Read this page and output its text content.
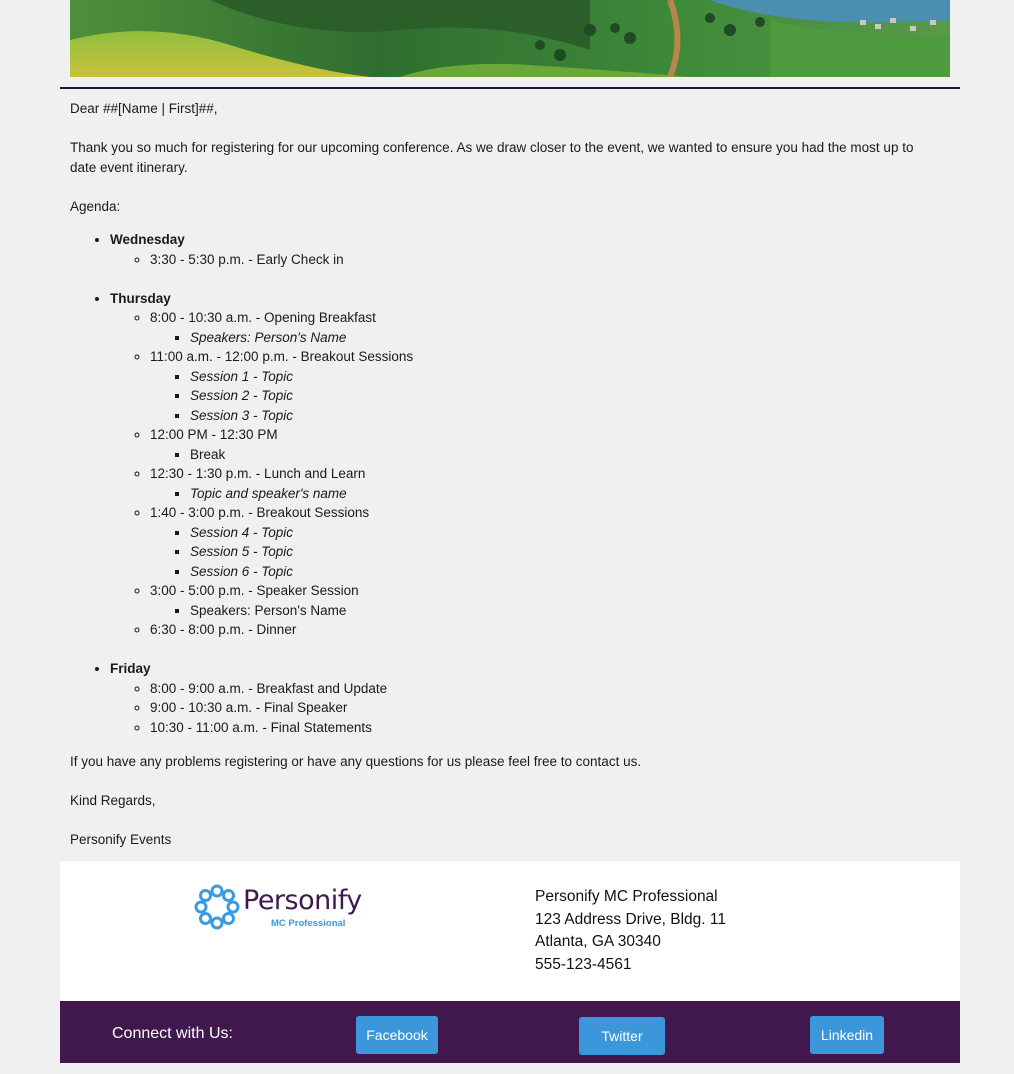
Dear ##[Name | First]##,

Thank you so much for registering for our upcoming conference. As we draw closer to the event, we wanted to ensure you had the most up to date event itinerary.

Agenda:

• Wednesday
◦ 3:30 - 5:30 p.m. - Early Check in
• Thursday
◦ 8:00 - 10:30 a.m. - Opening Breakfast
▪ Speakers: Person's Name
◦ 11:00 a.m. - 12:00 p.m. - Breakout Sessions
▪ Session 1 - Topic
▪ Session 2 - Topic
▪ Session 3 - Topic
◦ 12:00 PM - 12:30 PM
▪ Break
◦ 12:30 - 1:30 p.m. - Lunch and Learn
▪ Topic and speaker's name
◦ 1:40 - 3:00 p.m. - Breakout Sessions
▪ Session 4 - Topic
▪ Session 5 - Topic
▪ Session 6 - Topic
◦ 3:00 - 5:00 p.m. - Speaker Session
▪ Speakers: Person's Name
◦ 6:30 - 8:00 p.m. - Dinner
• Friday
◦ 8:00 - 9:00 a.m. - Breakfast and Update
◦ 9:00 - 10:30 a.m. - Final Speaker
◦ 10:30 - 11:00 a.m. - Final Statements

If you have any problems registering or have any questions for us please feel free to contact us.

Kind Regards,

Personify Events

Personify
MC Professional
Personify MC Professional
123 Address Drive, Bldg. 11
Atlanta, GA 30340
555-123-4561
Connect with Us:	Facebook	Twitter	Linkedin
